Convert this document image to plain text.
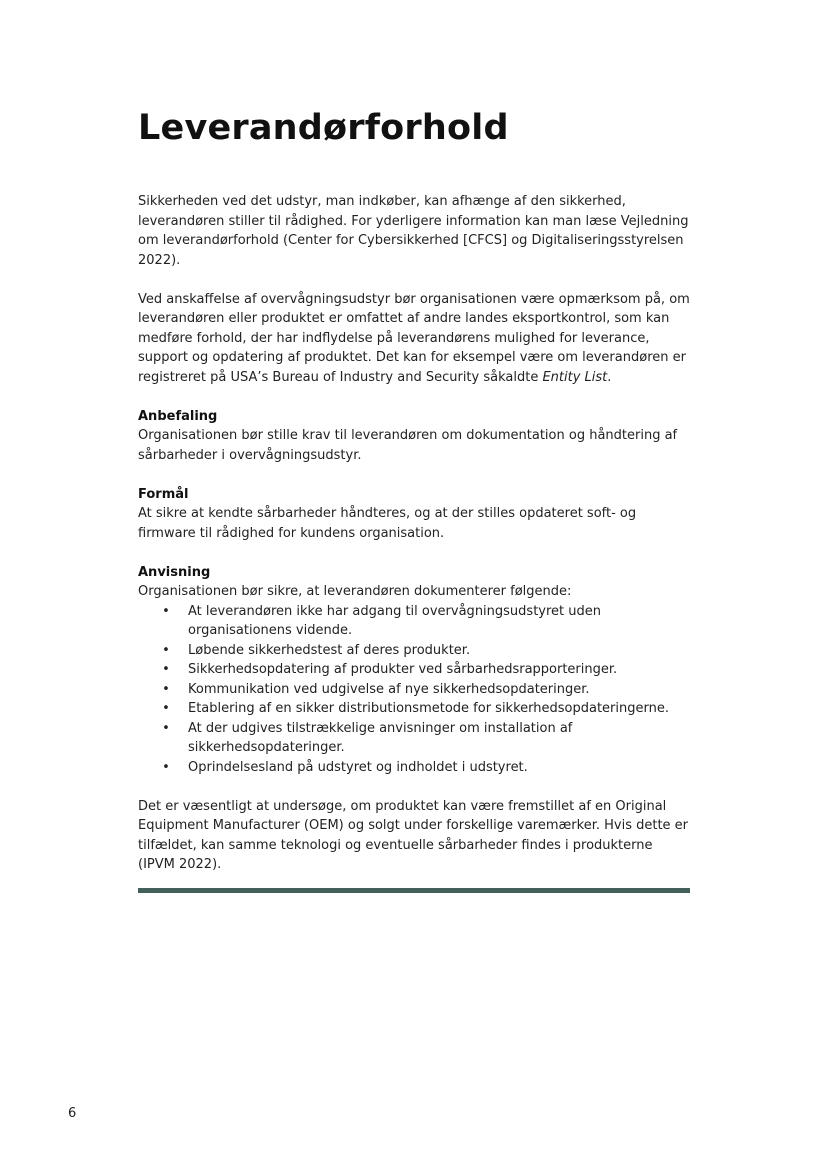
Leverandørforhold

Sikkerheden ved det udstyr, man indkøber, kan afhænge af den sikkerhed, leverandøren stiller til rådighed. For yderligere information kan man læse Vejledning om leverandørforhold (Center for Cybersikkerhed [CFCS] og Digitaliseringsstyrelsen 2022).

Ved anskaffelse af overvågningsudstyr bør organisationen være opmærksom på, om leverandøren eller produktet er omfattet af andre landes eksportkontrol, som kan medføre forhold, der har indflydelse på leverandørens mulighed for leverance, support og opdatering af produktet. Det kan for eksempel være om leverandøren er registreret på USA’s Bureau of Industry and Security såkaldte Entity List.

Anbefaling

Organisationen bør stille krav til leverandøren om dokumentation og håndtering af sårbarheder i overvågningsudstyr.

Formål

At sikre at kendte sårbarheder håndteres, og at der stilles opdateret soft- og firmware til rådighed for kundens organisation.

Anvisning

Organisationen bør sikre, at leverandøren dokumenterer følgende:

• At leverandøren ikke har adgang til overvågningsudstyret uden organisationens vidende.
• Løbende sikkerhedstest af deres produkter.
• Sikkerhedsopdatering af produkter ved sårbarhedsrapporteringer.
• Kommunikation ved udgivelse af nye sikkerhedsopdateringer.
• Etablering af en sikker distributionsmetode for sikkerhedsopdateringerne.
• At der udgives tilstrækkelige anvisninger om installation af sikkerhedsopdateringer.
• Oprindelsesland på udstyret og indholdet i udstyret.

Det er væsentligt at undersøge, om produktet kan være fremstillet af en Original Equipment Manufacturer (OEM) og solgt under forskellige varemærker. Hvis dette er tilfældet, kan samme teknologi og eventuelle sårbarheder findes i produkterne (IPVM 2022).

6
